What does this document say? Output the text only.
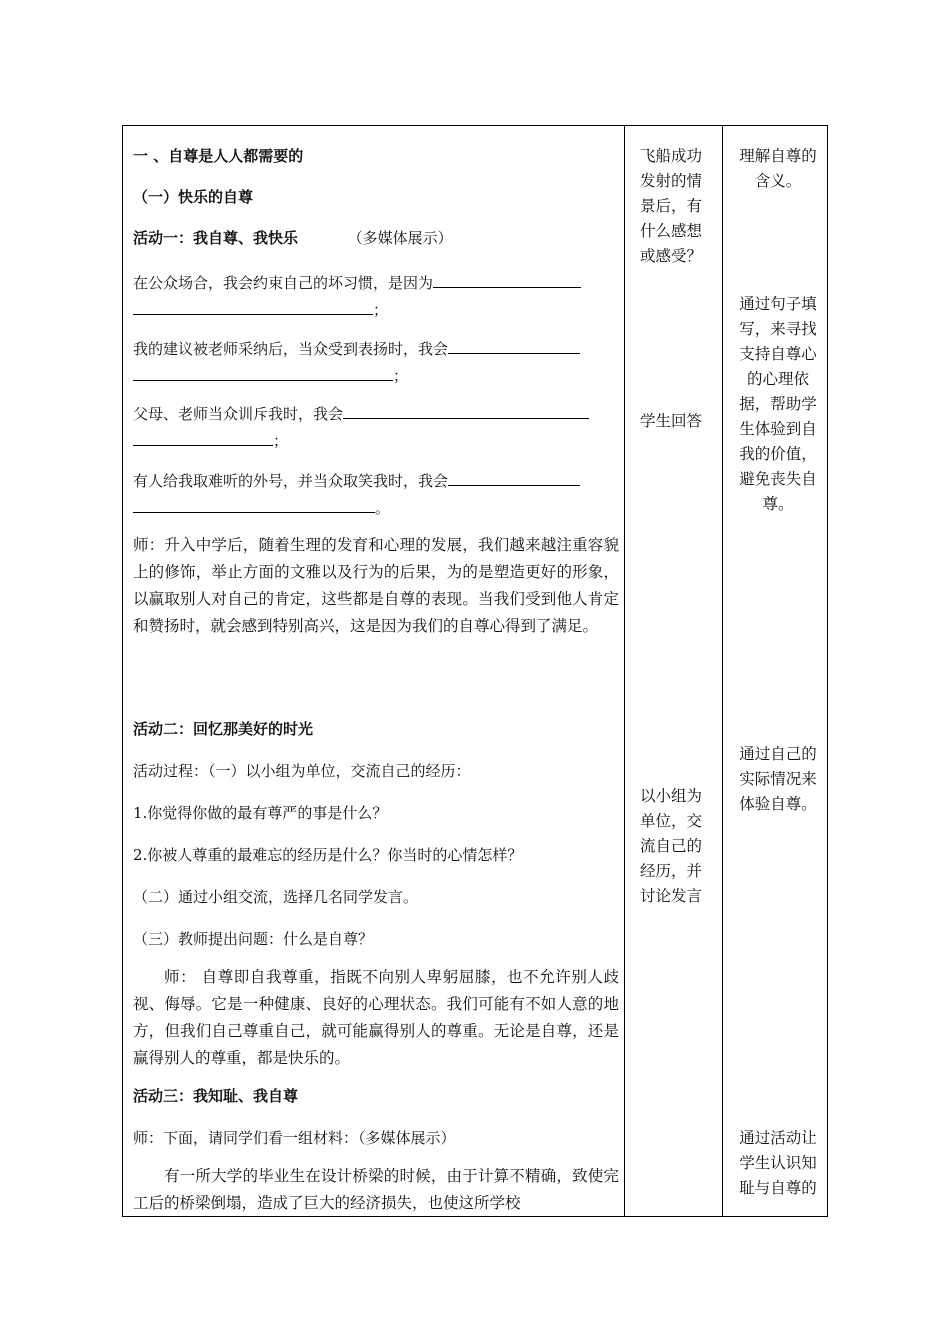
一 、自尊是人人都需要的
（一）快乐的自尊
活动一：我自尊、我快乐	（多媒体展示）
在公众场合，我会约束自己的坏习惯，是因为
；
我的建议被老师采纳后，当众受到表扬时，我会
；
父母、老师当众训斥我时，我会
；
有人给我取难听的外号，并当众取笑我时，我会
。
师：升入中学后，随着生理的发育和心理的发展，我们越来越注重容貌上的修饰，举止方面的文雅以及行为的后果，为的是塑造更好的形象，以赢取别人对自己的肯定，这些都是自尊的表现。当我们受到他人肯定和赞扬时，就会感到特别高兴，这是因为我们的自尊心得到了满足。
活动二：回忆那美好的时光
活动过程：（一）以小组为单位，交流自己的经历：
1.你觉得你做的最有尊严的事是什么？
2.你被人尊重的最难忘的经历是什么？你当时的心情怎样？
（二）通过小组交流，选择几名同学发言。
（三）教师提出问题：什么是自尊？
师： 自尊即自我尊重，指既不向别人卑躬屈膝，也不允许别人歧视、侮辱。它是一种健康、良好的心理状态。我们可能有不如人意的地方，但我们自己尊重自己，就可能赢得别人的尊重。无论是自尊，还是赢得别人的尊重，都是快乐的。
活动三：我知耻、我自尊
师：下面，请同学们看一组材料：（多媒体展示）
有一所大学的毕业生在设计桥梁的时候，由于计算不精确，致使完工后的桥梁倒塌，造成了巨大的经济损失，也使这所学校
飞船成功发射的情景后，有什么感想或感受？
学生回答
以小组为单位，交流自己的经历，并讨论发言
理解自尊的含义。
通过句子填写，来寻找支持自尊心的心理依据，帮助学生体验到自我的价值，避免丧失自尊。
通过自己的实际情况来体验自尊。
通过活动让学生认识知耻与自尊的
